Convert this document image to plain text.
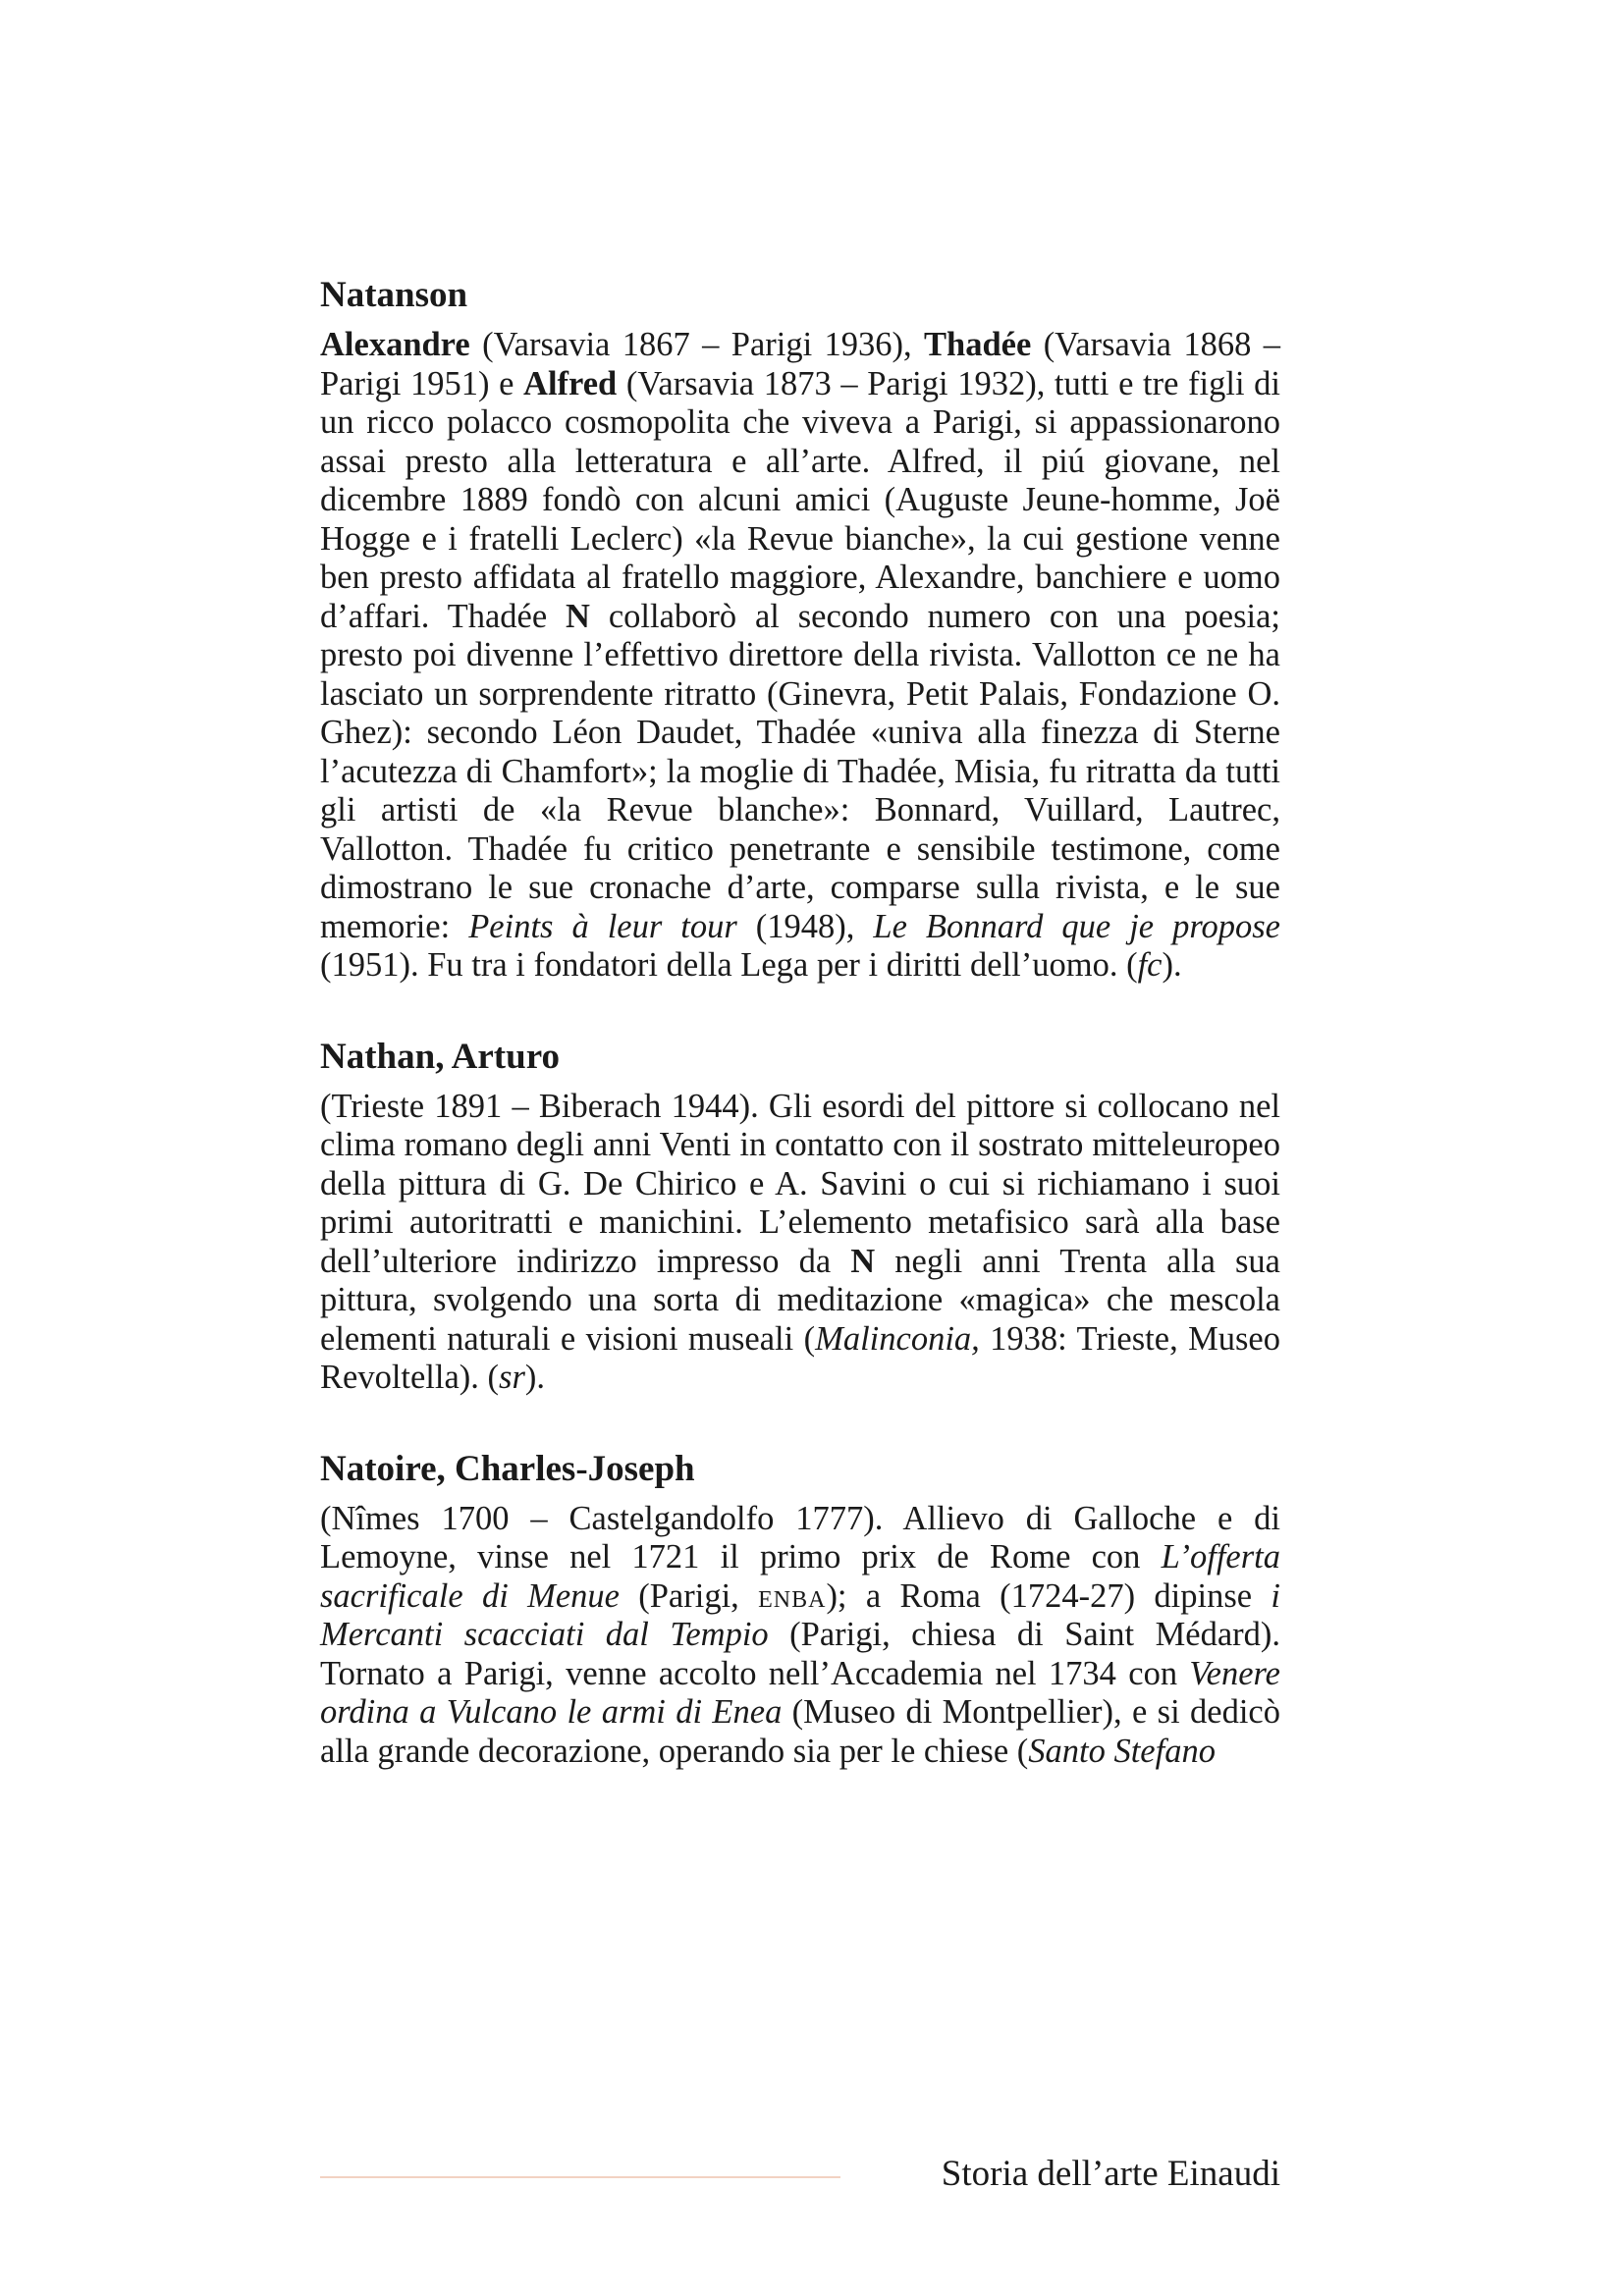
Natanson

Alexandre (Varsavia 1867 – Parigi 1936), Thadée (Varsavia 1868 – Parigi 1951) e Alfred (Varsavia 1873 – Parigi 1932), tutti e tre figli di un ricco polacco cosmopolita che viveva a Parigi, si appassionarono assai presto alla letteratura e all’arte. Alfred, il piú giovane, nel dicembre 1889 fondò con alcuni amici (Auguste Jeune-homme, Joë Hogge e i fratelli Leclerc) «la Revue bianche», la cui gestione venne ben presto affidata al fratello maggiore, Alexandre, banchiere e uomo d’affari. Thadée N collaborò al secondo numero con una poesia; presto poi divenne l’effettivo direttore della rivista. Vallotton ce ne ha lasciato un sorprendente ritratto (Ginevra, Petit Palais, Fondazione O. Ghez): secondo Léon Daudet, Thadée «univa alla finezza di Sterne l’acutezza di Chamfort»; la moglie di Thadée, Misia, fu ritratta da tutti gli artisti de «la Revue blanche»: Bonnard, Vuillard, Lautrec, Vallotton. Thadée fu critico penetrante e sensibile testimone, come dimostrano le sue cronache d’arte, comparse sulla rivista, e le sue memorie: Peints à leur tour (1948), Le Bonnard que je propose (1951). Fu tra i fondatori della Lega per i diritti dell’uomo. (fc).

Nathan, Arturo

(Trieste 1891 – Biberach 1944). Gli esordi del pittore si collocano nel clima romano degli anni Venti in contatto con il sostrato mitteleuropeo della pittura di G. De Chirico e A. Savini o cui si richiamano i suoi primi autoritratti e manichini. L’elemento metafisico sarà alla base dell’ulteriore indirizzo impresso da N negli anni Trenta alla sua pittura, svolgendo una sorta di meditazione «magica» che mescola elementi naturali e visioni museali (Malinconia, 1938: Trieste, Museo Revoltella). (sr).

Natoire, Charles-Joseph

(Nîmes 1700 – Castelgandolfo 1777). Allievo di Galloche e di Lemoyne, vinse nel 1721 il primo prix de Rome con L’offerta sacrificale di Menue (Parigi, enba); a Roma (1724-27) dipinse i Mercanti scacciati dal Tempio (Parigi, chiesa di Saint Médard). Tornato a Parigi, venne accolto nell’Accademia nel 1734 con Venere ordina a Vulcano le armi di Enea (Museo di Montpellier), e si dedicò alla grande decorazione, operando sia per le chiese (Santo Stefano

Storia dell’arte Einaudi
